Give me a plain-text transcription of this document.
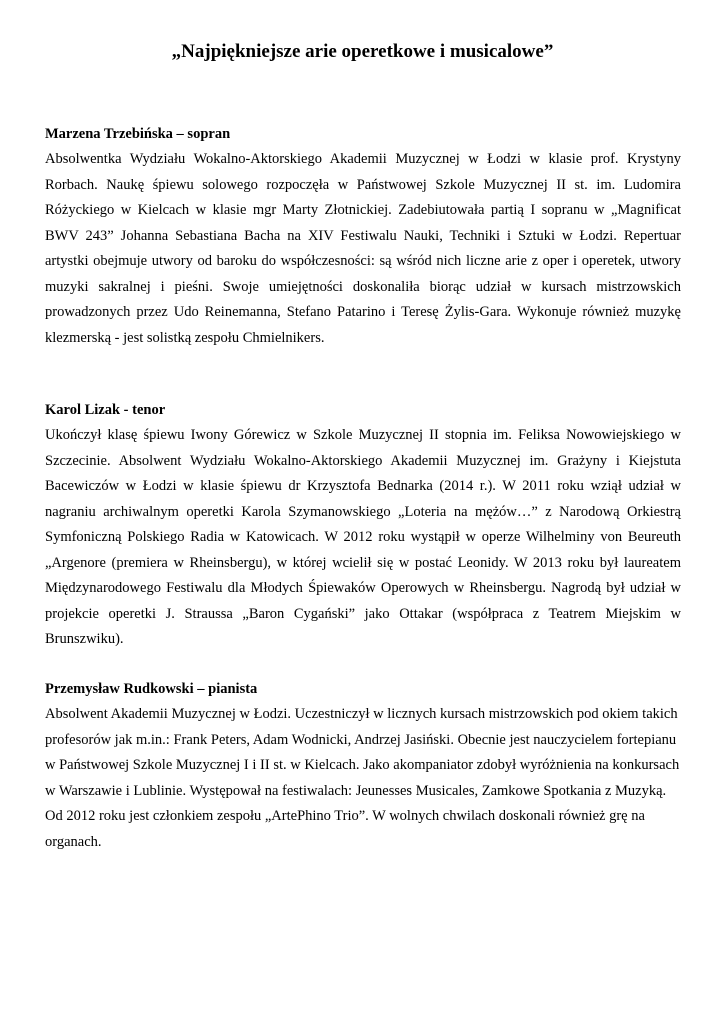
„Najpiękniejsze arie operetkowe i musicalowe”
Marzena Trzebińska – sopran

Absolwentka Wydziału Wokalno-Aktorskiego Akademii Muzycznej w Łodzi w klasie prof. Krystyny Rorbach. Naukę śpiewu solowego rozpoczęła w Państwowej Szkole Muzycznej II st. im. Ludomira Różyckiego w Kielcach w klasie mgr Marty Złotnickiej. Zadebiutowała partią I sopranu w „Magnificat BWV 243” Johanna Sebastiana Bacha na XIV Festiwalu Nauki, Techniki i Sztuki w Łodzi. Repertuar artystki obejmuje utwory od baroku do współczesności: są wśród nich liczne arie z oper i operetek, utwory muzyki sakralnej i pieśni. Swoje umiejętności doskonaliła biorąc udział w kursach mistrzowskich prowadzonych przez Udo Reinemanna, Stefano Patarino i Teresę Żylis-Gara. Wykonuje również muzykę klezmerską - jest solistką zespołu Chmielnikers.

Karol Lizak - tenor

Ukończył klasę śpiewu Iwony Górewicz w Szkole Muzycznej II stopnia im. Feliksa Nowowiejskiego w Szczecinie. Absolwent Wydziału Wokalno-Aktorskiego Akademii Muzycznej im. Grażyny i Kiejstuta Bacewiczów w Łodzi w klasie śpiewu dr Krzysztofa Bednarka (2014 r.). W 2011 roku wziął udział w nagraniu archiwalnym operetki Karola Szymanowskiego „Loteria na mężów…” z Narodową Orkiestrą Symfoniczną Polskiego Radia w Katowicach. W 2012 roku wystąpił w operze Wilhelminy von Beureuth „Argenore (premiera w Rheinsbergu), w której wcielił się w postać Leonidy. W 2013 roku był laureatem Międzynarodowego Festiwalu dla Młodych Śpiewaków Operowych w Rheinsbergu. Nagrodą był udział w projekcie operetki J. Straussa „Baron Cygański” jako Ottakar (współpraca z Teatrem Miejskim w Brunszwiku).

Przemysław Rudkowski – pianista

Absolwent Akademii Muzycznej w Łodzi. Uczestniczył w licznych kursach mistrzowskich pod okiem takich profesorów jak m.in.: Frank Peters, Adam Wodnicki, Andrzej Jasiński. Obecnie jest nauczycielem fortepianu w Państwowej Szkole Muzycznej I i II st. w Kielcach. Jako akompaniator zdobył wyróżnienia na konkursach w Warszawie i Lublinie. Występował na festiwalach: Jeunesses Musicales, Zamkowe Spotkania z Muzyką. Od 2012 roku jest członkiem zespołu „ArtePhino Trio”. W wolnych chwilach doskonali również grę na organach.
